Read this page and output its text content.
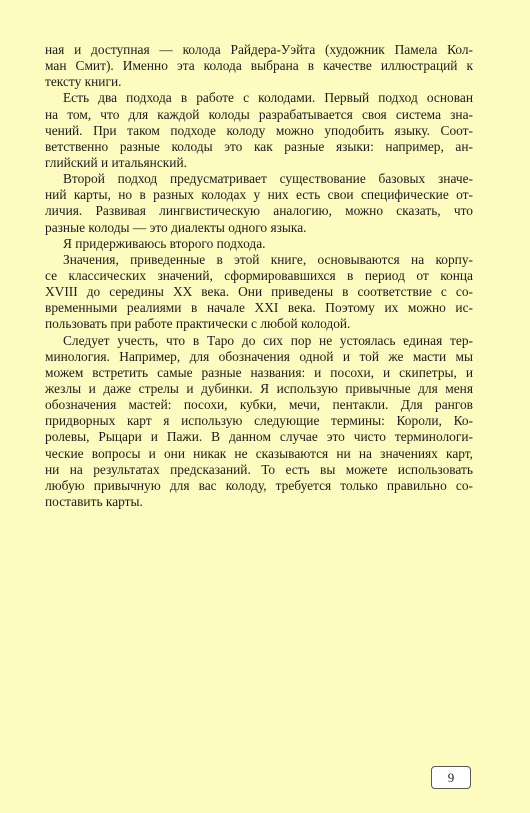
ная и доступная — колода Райдера-Уэйта (художник Памела Кол-
ман Смит). Именно эта колода выбрана в качестве иллюстраций к
тексту книги.
Есть два подхода в работе с колодами. Первый подход основан
на том, что для каждой колоды разрабатывается своя система зна-
чений. При таком подходе колоду можно уподобить языку. Соот-
ветственно разные колоды это как разные языки: например, ан-
глийский и итальянский.
Второй подход предусматривает существование базовых значе-
ний карты, но в разных колодах у них есть свои специфические от-
личия. Развивая лингвистическую аналогию, можно сказать, что
разные колоды — это диалекты одного языка.
Я придерживаюсь второго подхода.
Значения, приведенные в этой книге, основываются на корпу-
се классических значений, сформировавшихся в период от конца
XVIII до середины XX века. Они приведены в соответствие с со-
временными реалиями в начале XXI века. Поэтому их можно ис-
пользовать при работе практически с любой колодой.
Следует учесть, что в Таро до сих пор не устоялась единая тер-
минология. Например, для обозначения одной и той же масти мы
можем встретить самые разные названия: и посохи, и скипетры, и
жезлы и даже стрелы и дубинки. Я использую привычные для меня
обозначения мастей: посохи, кубки, мечи, пентакли. Для рангов
придворных карт я использую следующие термины: Короли, Ко-
ролевы, Рыцари и Пажи. В данном случае это чисто терминологи-
ческие вопросы и они никак не сказываются ни на значениях карт,
ни на результатах предсказаний. То есть вы можете использовать
любую привычную для вас колоду, требуется только правильно со-
поставить карты.
9
